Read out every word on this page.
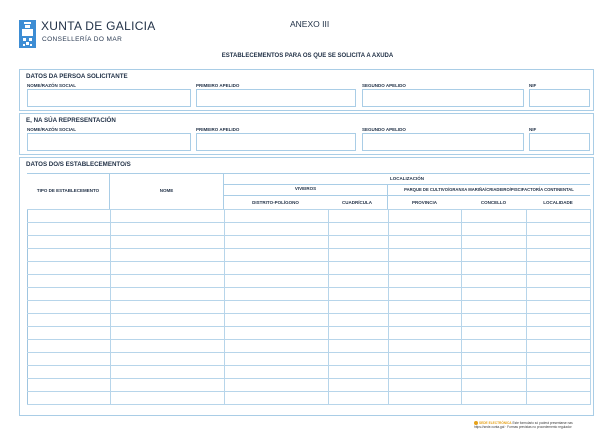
XUNTA DE GALICIA
CONSELLERÍA DO MAR
ANEXO III
ESTABLECEMENTOS PARA OS QUE SE SOLICITA A AXUDA
DATOS DA PERSOA SOLICITANTE
NOME/RAZÓN SOCIAL	PRIMEIRO APELIDO	SEGUNDO APELIDO	NIF
E, NA SÚA REPRESENTACIÓN
NOME/RAZÓN SOCIAL	PRIMEIRO APELIDO	SEGUNDO APELIDO	NIF
DATOS DO/S ESTABLECEMENTO/S
TIPO DE ESTABLECEMENTO	NOME
LOCALIZACIÓN
VIVEIROS	PARQUE DE CULTIVO/GRANXA MARIÑA/CRIADEIRO/PISCIFACTORÍA CONTINENTAL
DISTRITO-POLÍGONO	CUADRÍCULA	PROVINCIA	CONCELLO	LOCALIDADE

SEDE ELECTRÓNICA Este formulario só poderá presentarse nas
https://sede.xunta.gal · Formas previstas no procedemento regulador
